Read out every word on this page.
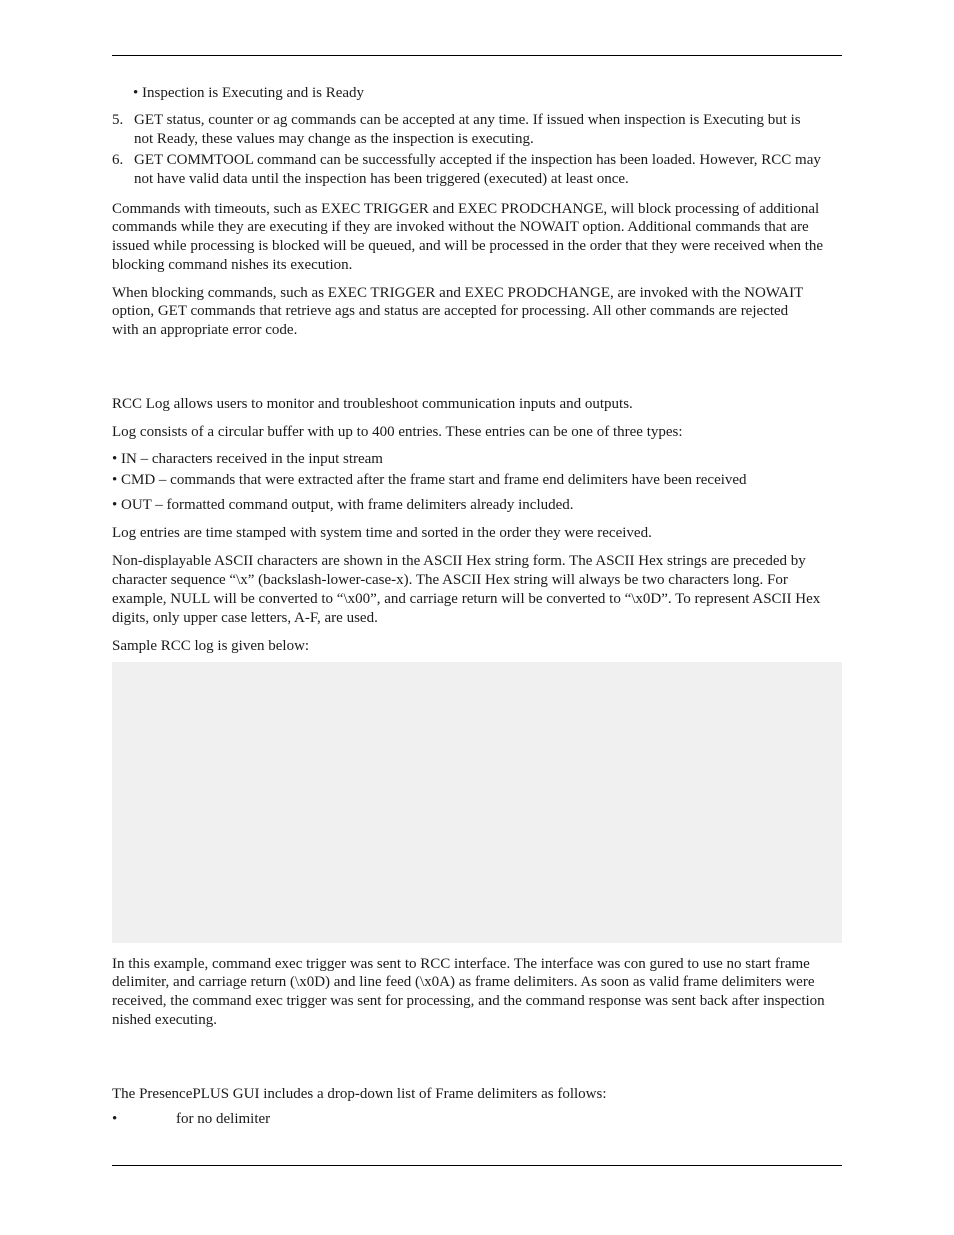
• Inspection is Executing and is Ready
5. GET status, counter or ag commands can be accepted at any time. If issued when inspection is Executing but is
not Ready, these values may change as the inspection is executing.
6. GET COMMTOOL command can be successfully accepted if the inspection has been loaded. However, RCC may
not have valid data until the inspection has been triggered (executed) at least once.
Commands with timeouts, such as EXEC TRIGGER and EXEC PRODCHANGE, will block processing of additional
commands while they are executing if they are invoked without the NOWAIT option. Additional commands that are
issued while processing is blocked will be queued, and will be processed in the order that they were received when the
blocking command nishes its execution.
When blocking commands, such as EXEC TRIGGER and EXEC PRODCHANGE, are invoked with the NOWAIT
option, GET commands that retrieve ags and status are accepted for processing. All other commands are rejected
with an appropriate error code.
RCC Log allows users to monitor and troubleshoot communication inputs and outputs.
Log consists of a circular buffer with up to 400 entries. These entries can be one of three types:
• IN – characters received in the input stream
• CMD – commands that were extracted after the frame start and frame end delimiters have been received
• OUT – formatted command output, with frame delimiters already included.
Log entries are time stamped with system time and sorted in the order they were received.
Non-displayable ASCII characters are shown in the ASCII Hex string form. The ASCII Hex strings are preceded by
character sequence “\x” (backslash-lower-case-x). The ASCII Hex string will always be two characters long. For
example, NULL will be converted to “\x00”, and carriage return will be converted to “\x0D”. To represent ASCII Hex
digits, only upper case letters, A-F, are used.
Sample RCC log is given below:
In this example, command exec trigger was sent to RCC interface. The interface was con gured to use no start frame
delimiter, and carriage return (\x0D) and line feed (\x0A) as frame delimiters. As soon as valid frame delimiters were
received, the command exec trigger was sent for processing, and the command response was sent back after inspection
nished executing.
The PresencePLUS GUI includes a drop-down list of Frame delimiters as follows:
•	for no delimiter
